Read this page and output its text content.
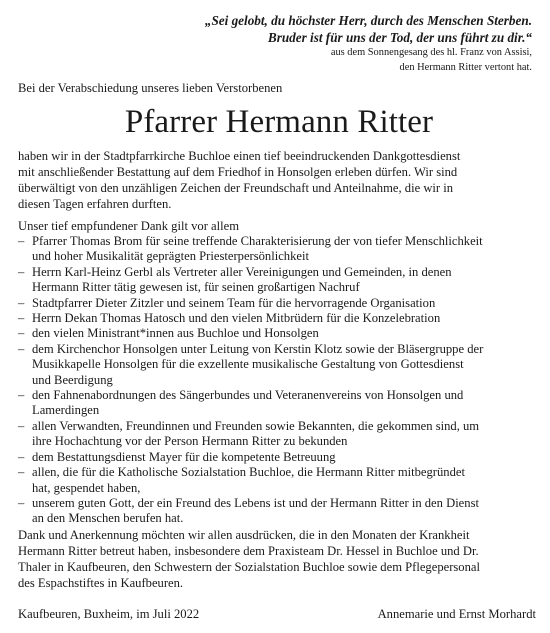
„Sei gelobt, du höchster Herr, durch des Menschen Sterben.
Bruder ist für uns der Tod, der uns führt zu dir.“
aus dem Sonnengesang des hl. Franz von Assisi,
den Hermann Ritter vertont hat.
Bei der Verabschiedung unseres lieben Verstorbenen
Pfarrer Hermann Ritter
haben wir in der Stadtpfarrkirche Buchloe einen tief beeindruckenden Dankgottesdienst
mit anschließender Bestattung auf dem Friedhof in Honsolgen erleben dürfen. Wir sind
überwältigt von den unzähligen Zeichen der Freundschaft und Anteilnahme, die wir in
diesen Tagen erfahren durften.
Unser tief empfundener Dank gilt vor allem
– Pfarrer Thomas Brom für seine treffende Charakterisierung der von tiefer Menschlichkeit
und hoher Musikalität geprägten Priesterpersönlichkeit
– Herrn Karl-Heinz Gerbl als Vertreter aller Vereinigungen und Gemeinden, in denen
Hermann Ritter tätig gewesen ist, für seinen großartigen Nachruf
– Stadtpfarrer Dieter Zitzler und seinem Team für die hervorragende Organisation
– Herrn Dekan Thomas Hatosch und den vielen Mitbrüdern für die Konzelebration
– den vielen Ministrant*innen aus Buchloe und Honsolgen
– dem Kirchenchor Honsolgen unter Leitung von Kerstin Klotz sowie der Bläsergruppe der
Musikkapelle Honsolgen für die exzellente musikalische Gestaltung von Gottesdienst
und Beerdigung
– den Fahnenabordnungen des Sängerbundes und Veteranenvereins von Honsolgen und
Lamerdingen
– allen Verwandten, Freundinnen und Freunden sowie Bekannten, die gekommen sind, um
ihre Hochachtung vor der Person Hermann Ritter zu bekunden
– dem Bestattungsdienst Mayer für die kompetente Betreuung
– allen, die für die Katholische Sozialstation Buchloe, die Hermann Ritter mitbegründet
hat, gespendet haben,
– unserem guten Gott, der ein Freund des Lebens ist und der Hermann Ritter in den Dienst
an den Menschen berufen hat.
Dank und Anerkennung möchten wir allen ausdrücken, die in den Monaten der Krankheit
Hermann Ritter betreut haben, insbesondere dem Praxisteam Dr. Hessel in Buchloe und Dr.
Thaler in Kaufbeuren, den Schwestern der Sozialstation Buchloe sowie dem Pflegepersonal
des Espachstiftes in Kaufbeuren.
Kaufbeuren, Buxheim, im Juli 2022	Annemarie und Ernst Morhardt
